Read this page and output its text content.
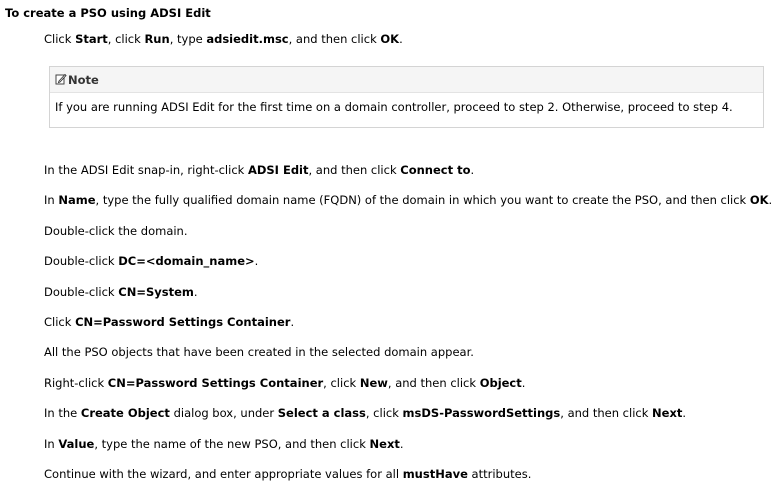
To create a PSO using ADSI Edit
Click Start, click Run, type adsiedit.msc, and then click OK.
Note
If you are running ADSI Edit for the first time on a domain controller, proceed to step 2. Otherwise, proceed to step 4.
In the ADSI Edit snap-in, right-click ADSI Edit, and then click Connect to.
In Name, type the fully qualified domain name (FQDN) of the domain in which you want to create the PSO, and then click OK.
Double-click the domain.
Double-click DC=<domain_name>.
Double-click CN=System.
Click CN=Password Settings Container.
All the PSO objects that have been created in the selected domain appear.
Right-click CN=Password Settings Container, click New, and then click Object.
In the Create Object dialog box, under Select a class, click msDS-PasswordSettings, and then click Next.
In Value, type the name of the new PSO, and then click Next.
Continue with the wizard, and enter appropriate values for all mustHave attributes.
